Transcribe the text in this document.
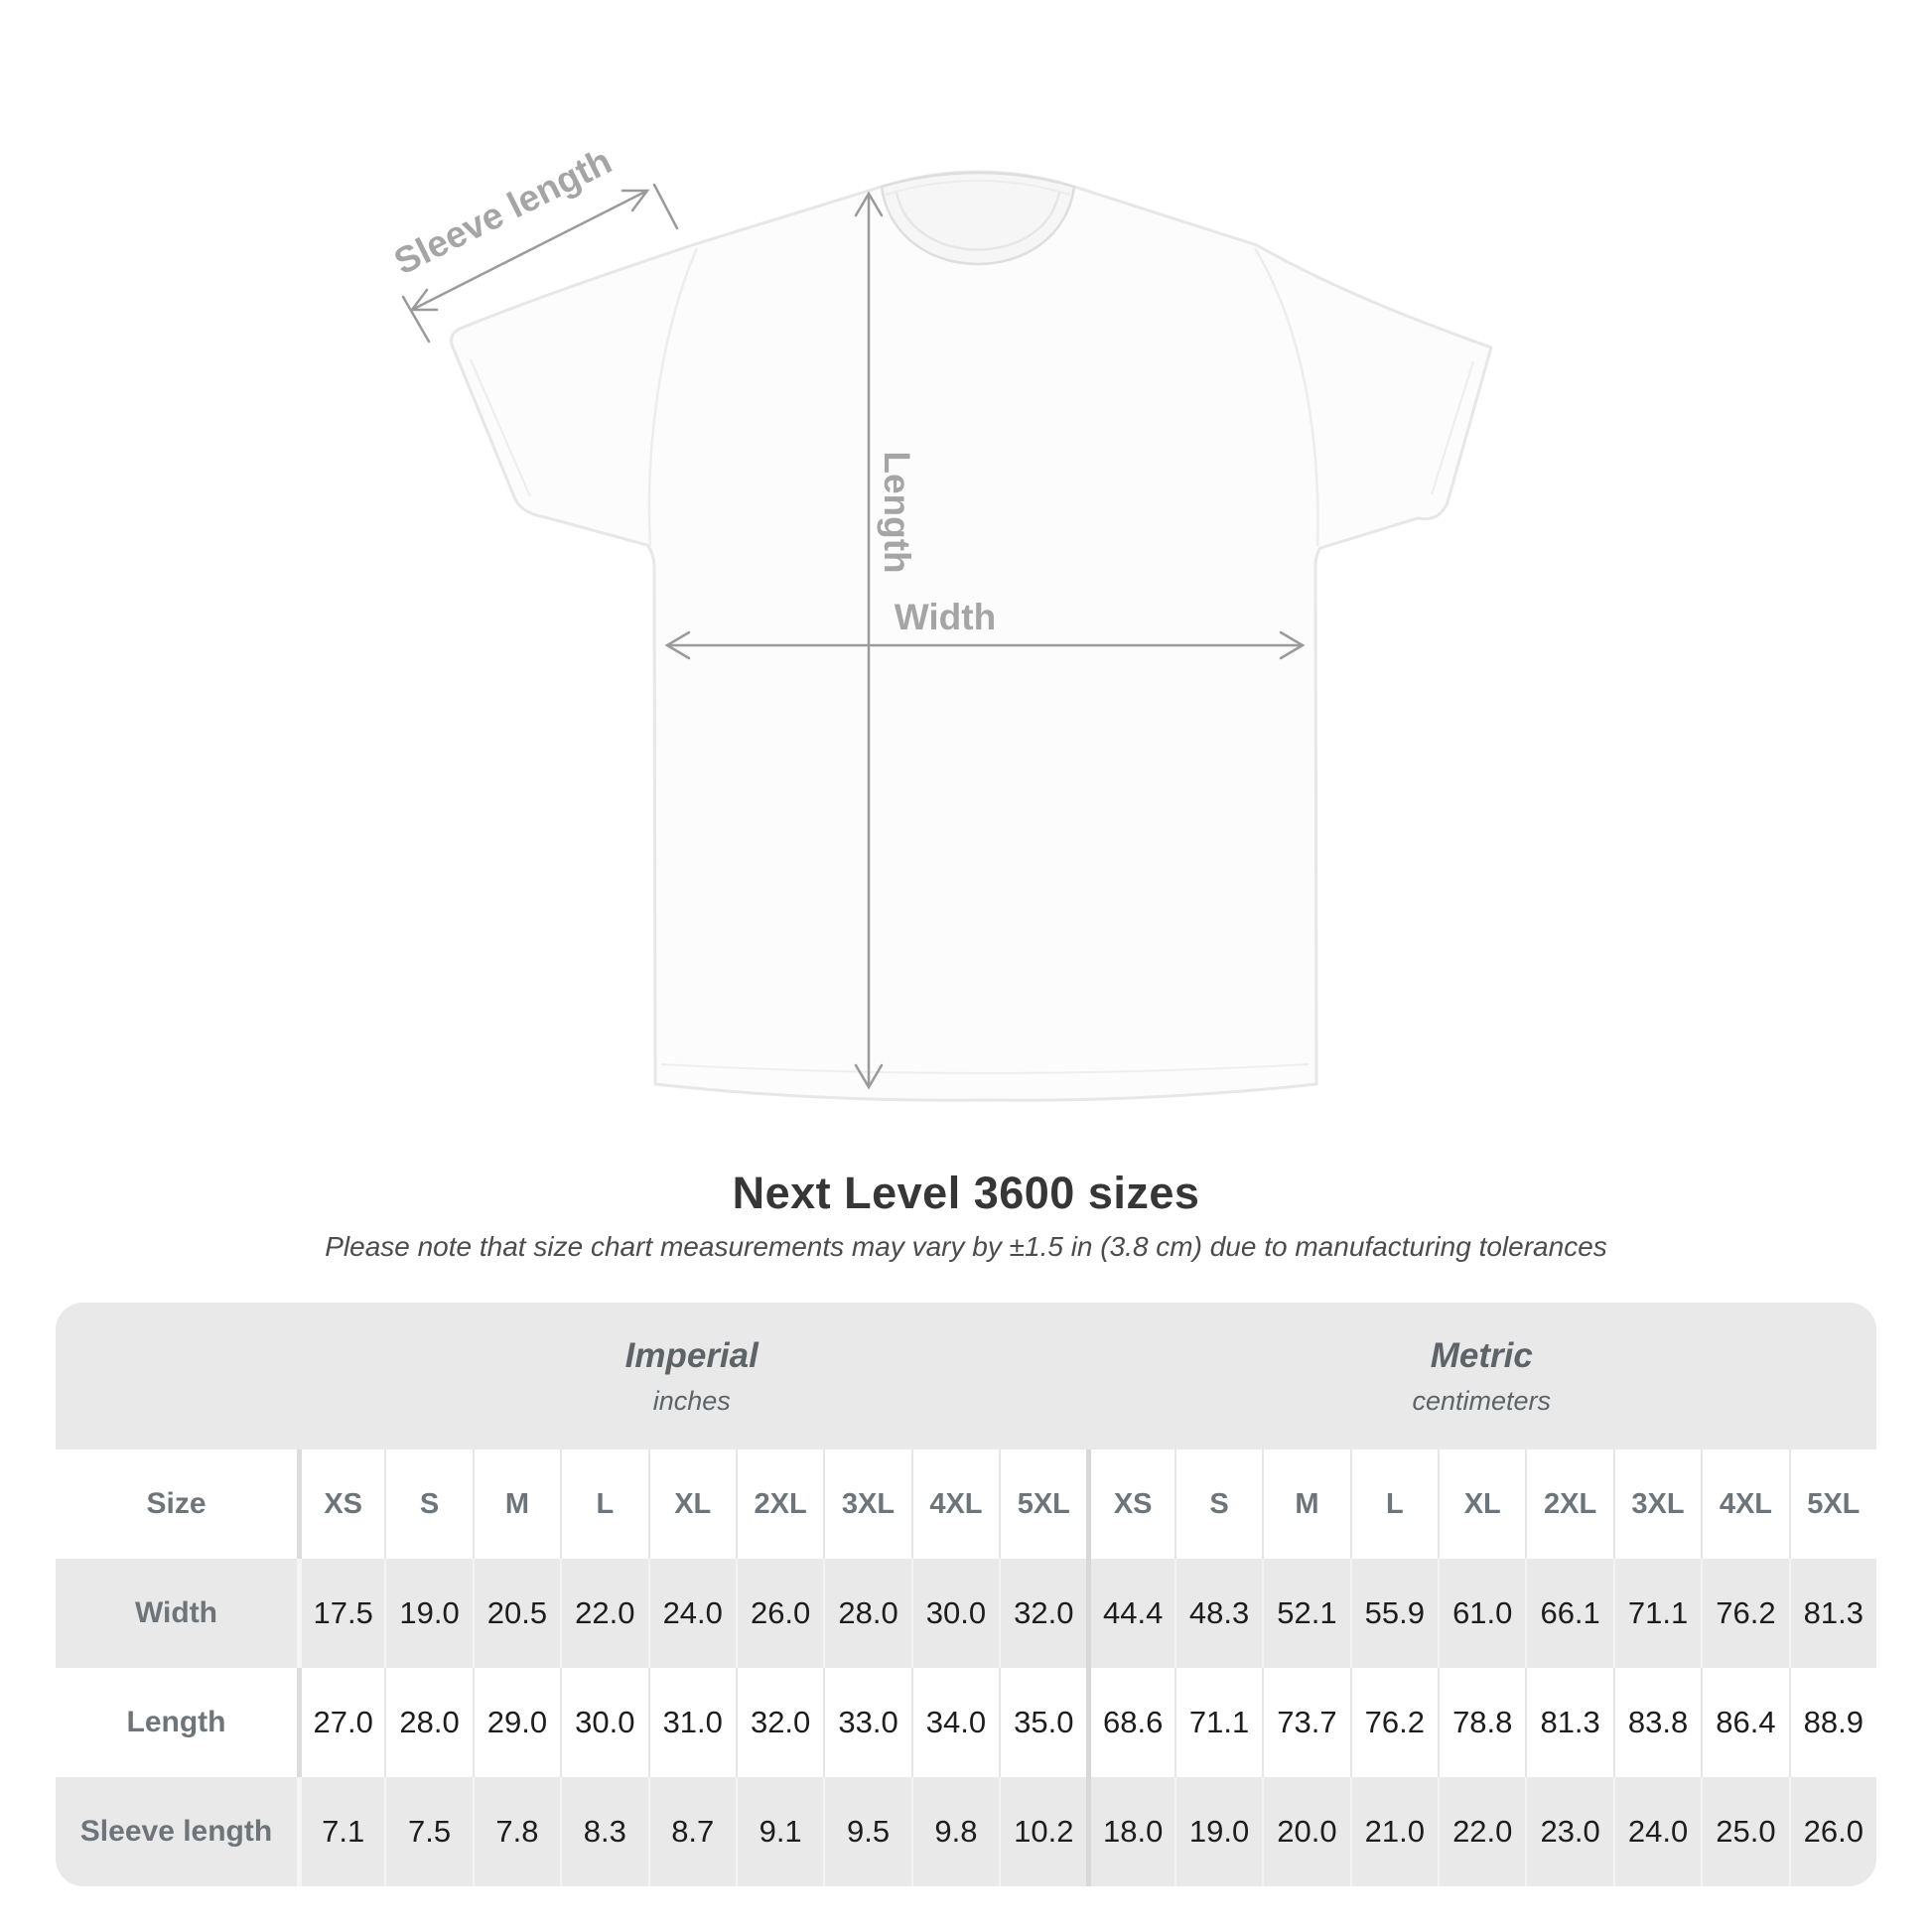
Sleeve length
Length
Width
Next Level 3600 sizes

Please note that size chart measurements may vary by ±1.5 in (3.8 cm) due to manufacturing tolerances

Imperial
inches
Metric
centimeters
Size	XS S M L XL 2XL 3XL 4XL 5XL XS S M L XL 2XL 3XL 4XL 5XL
Width	17.5 19.0 20.5 22.0 24.0 26.0 28.0 30.0 32.0 44.4 48.3 52.1 55.9 61.0 66.1 71.1 76.2 81.3
Length	27.0 28.0 29.0 30.0 31.0 32.0 33.0 34.0 35.0 68.6 71.1 73.7 76.2 78.8 81.3 83.8 86.4 88.9
Sleeve length	7.1 7.5 7.8 8.3 8.7 9.1 9.5 9.8 10.2 18.0 19.0 20.0 21.0 22.0 23.0 24.0 25.0 26.0
